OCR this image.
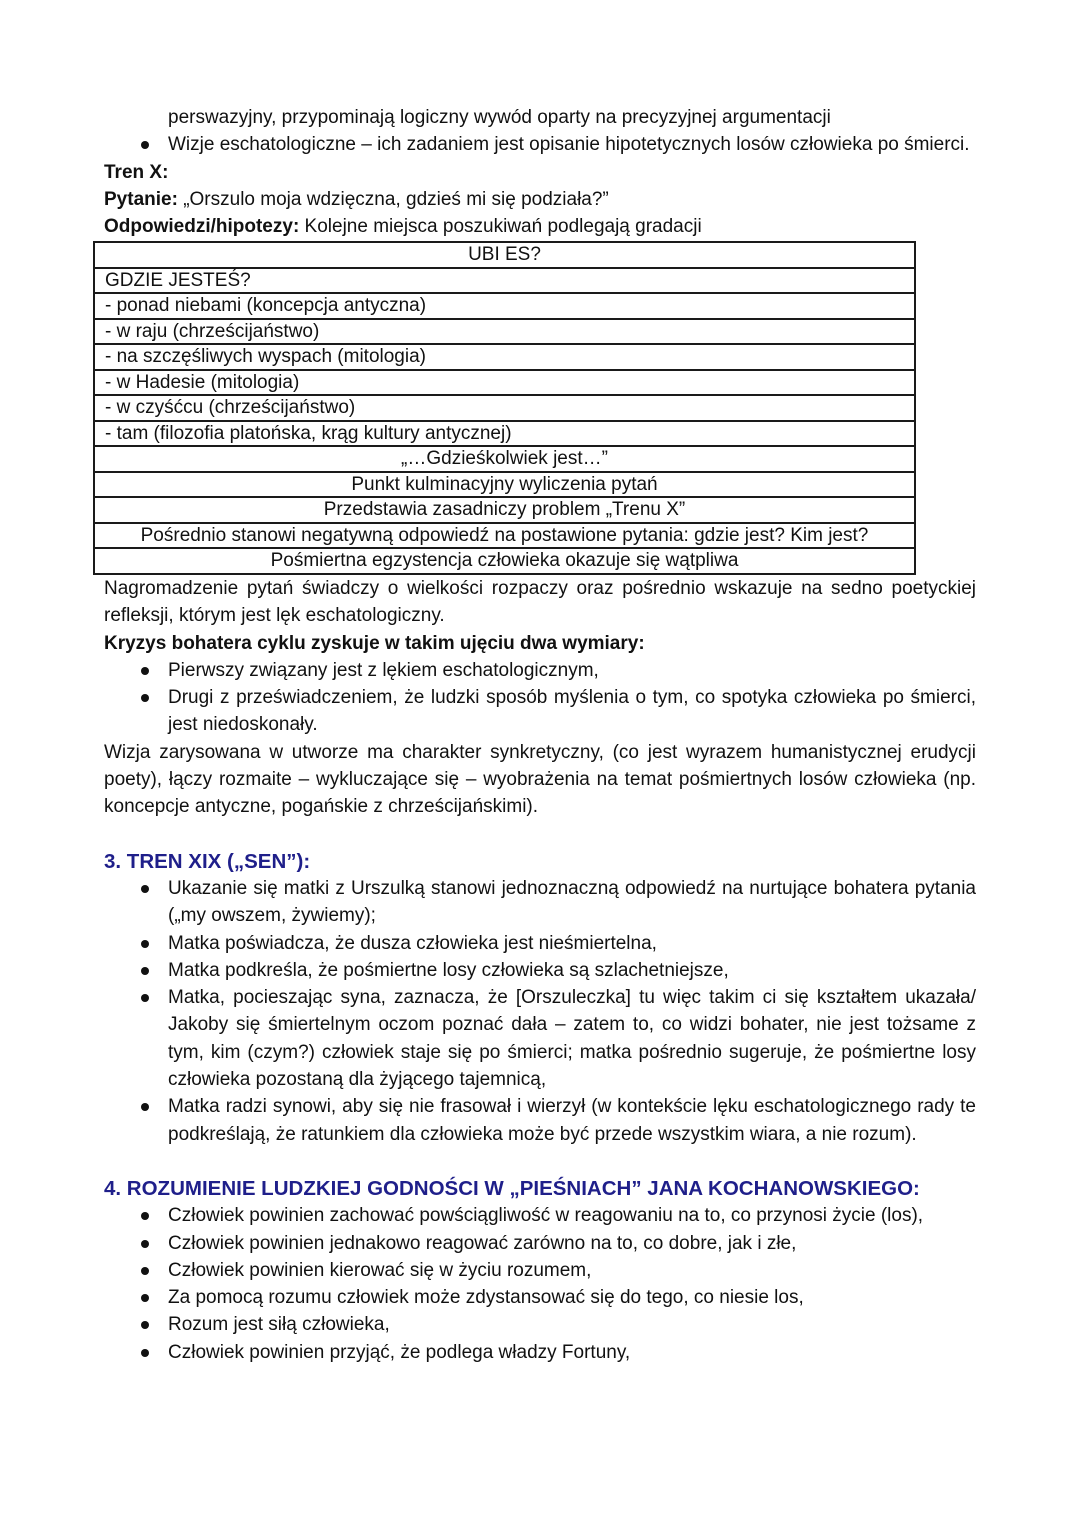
perswazyjny, przypominają logiczny wywód oparty na precyzyjnej argumentacji
Wizje eschatologiczne – ich zadaniem jest opisanie hipotetycznych losów człowieka po śmierci.
Tren X:
Pytanie: „Orszulo moja wdzięczna, gdzieś mi się podziała?”
Odpowiedzi/hipotezy: Kolejne miejsca poszukiwań podlegają gradacji
UBI ES?
GDZIE JESTEŚ?
- ponad niebami (koncepcja antyczna)
- w raju (chrześcijaństwo)
- na szczęśliwych wyspach (mitologia)
- w Hadesie (mitologia)
- w czyśćcu (chrześcijaństwo)
- tam (filozofia platońska, krąg kultury antycznej)
„…Gdzieśkolwiek jest…”
Punkt kulminacyjny wyliczenia pytań
Przedstawia zasadniczy problem „Trenu X”
Pośrednio stanowi negatywną odpowiedź na postawione pytania: gdzie jest? Kim jest?
Pośmiertna egzystencja człowieka okazuje się wątpliwa
Nagromadzenie pytań świadczy o wielkości rozpaczy oraz pośrednio wskazuje na sedno poetyckiej refleksji, którym jest lęk eschatologiczny.
Kryzys bohatera cyklu zyskuje w takim ujęciu dwa wymiary:
Pierwszy związany jest z lękiem eschatologicznym,
Drugi z przeświadczeniem, że ludzki sposób myślenia o tym, co spotyka człowieka po śmierci, jest niedoskonały.
Wizja zarysowana w utworze ma charakter synkretyczny, (co jest wyrazem humanistycznej erudycji poety), łączy rozmaite – wykluczające się – wyobrażenia na temat pośmiertnych losów człowieka (np. koncepcje antyczne, pogańskie z chrześcijańskimi).
3. TREN XIX („SEN”):
Ukazanie się matki z Urszulką stanowi jednoznaczną odpowiedź na nurtujące bohatera pytania („my owszem, żywiemy);
Matka poświadcza, że dusza człowieka jest nieśmiertelna,
Matka podkreśla, że pośmiertne losy człowieka są szlachetniejsze,
Matka, pocieszając syna, zaznacza, że [Orszuleczka] tu więc takim ci się kształtem ukazała/ Jakoby się śmiertelnym oczom poznać dała – zatem to, co widzi bohater, nie jest tożsame z tym, kim (czym?) człowiek staje się po śmierci; matka pośrednio sugeruje, że pośmiertne losy człowieka pozostaną dla żyjącego tajemnicą,
Matka radzi synowi, aby się nie frasował i wierzył (w kontekście lęku eschatologicznego rady te podkreślają, że ratunkiem dla człowieka może być przede wszystkim wiara, a nie rozum).
4. ROZUMIENIE LUDZKIEJ GODNOŚCI W „PIEŚNIACH” JANA KOCHANOWSKIEGO:
Człowiek powinien zachować powściągliwość w reagowaniu na to, co przynosi życie (los),
Człowiek powinien jednakowo reagować zarówno na to, co dobre, jak i złe,
Człowiek powinien kierować się w życiu rozumem,
Za pomocą rozumu człowiek może zdystansować się do tego, co niesie los,
Rozum jest siłą człowieka,
Człowiek powinien przyjąć, że podlega władzy Fortuny,
